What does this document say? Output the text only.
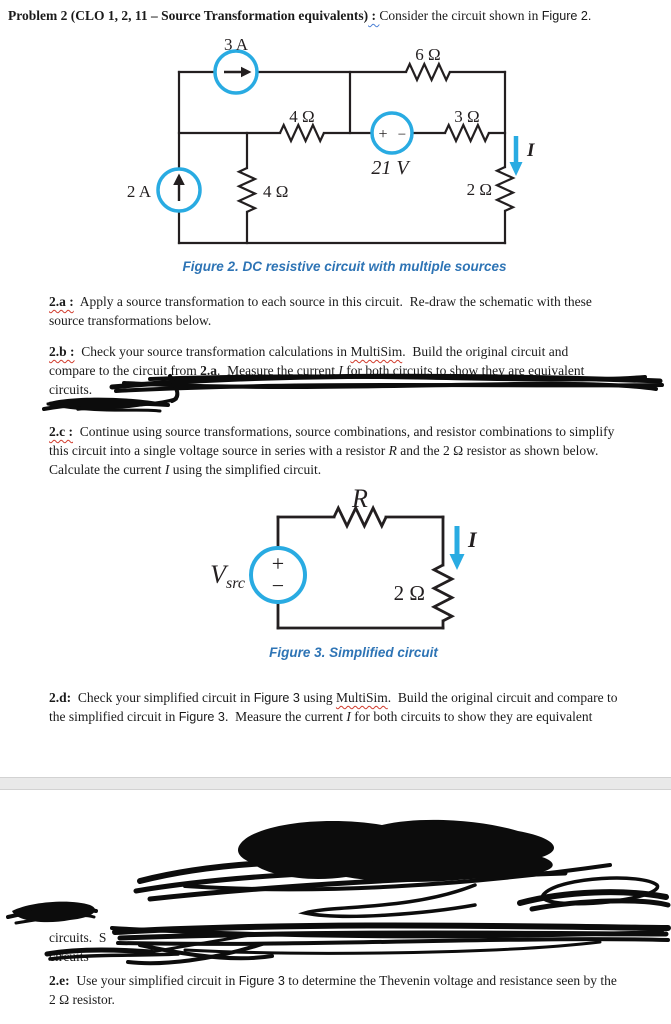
Problem 2 (CLO 1, 2, 11 – Source Transformation equivalents) : Consider the circuit shown in Figure 2.
6 Ω
4 Ω	3 Ω
4 Ω	2 Ω
3 A
2 A
+ −
21 V
I
Figure 2. DC resistive circuit with multiple sources
2.a :  Apply a source transformation to each source in this circuit.  Re-draw the schematic with these
source transformations below.
2.b :  Check your source transformation calculations in MultiSim.  Build the original circuit and
compare to the circuit from 2.a.  Measure the current I for both circuits to show they are equivalent
circuits.
2.c :  Continue using source transformations, source combinations, and resistor combinations to simplify
this circuit into a single voltage source in series with a resistor R and the 2 Ω resistor as shown below.
Calculate the current I using the simplified circuit.
R
+
−
Vsrc	2 Ω
I
Figure 3. Simplified circuit
2.d:  Check your simplified circuit in Figure 3 using MultiSim.  Build the original circuit and compare to
the simplified circuit in Figure 3.  Measure the current I for both circuits to show they are equivalent
circuits.  S
circuits
2.e:  Use your simplified circuit in Figure 3 to determine the Thevenin voltage and resistance seen by the
2 Ω resistor.
